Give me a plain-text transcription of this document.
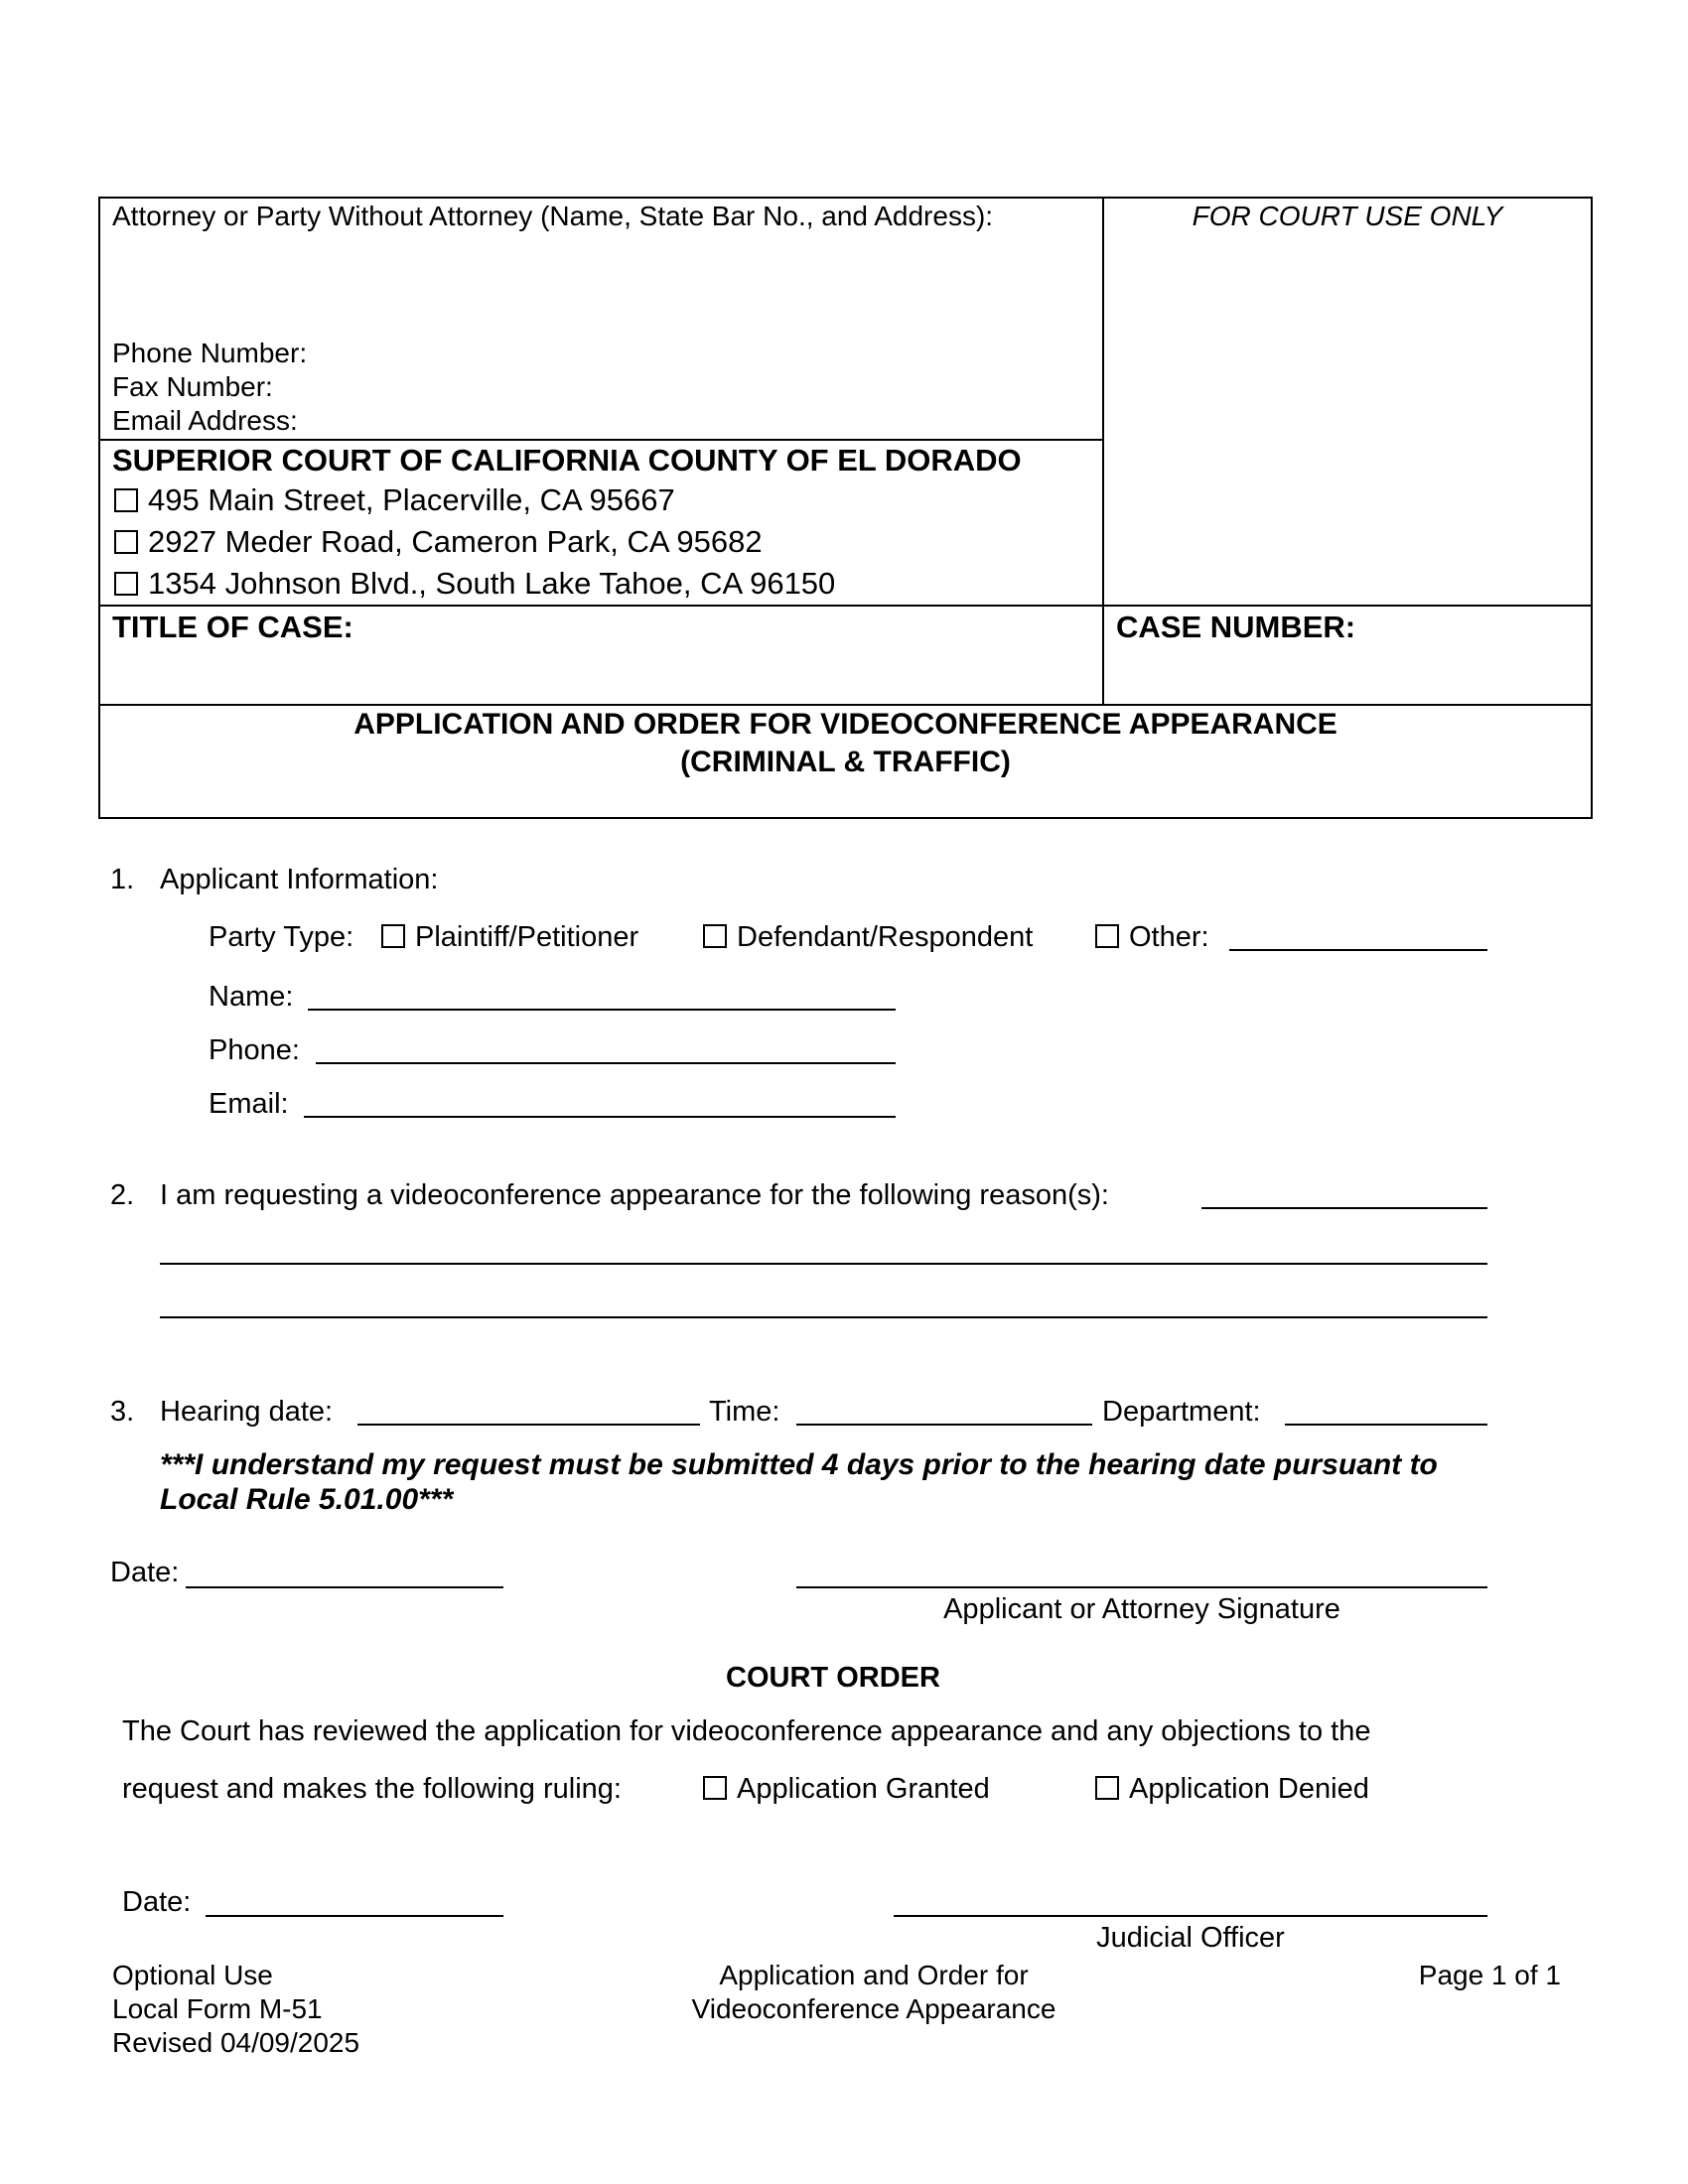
Attorney or Party Without Attorney (Name, State Bar No., and Address):	FOR COURT USE ONLY
Phone Number:
Fax Number:
Email Address:
SUPERIOR COURT OF CALIFORNIA COUNTY OF EL DORADO
495 Main Street, Placerville, CA 95667
2927 Meder Road, Cameron Park, CA 95682
1354 Johnson Blvd., South Lake Tahoe, CA 96150
TITLE OF CASE:	CASE NUMBER:
APPLICATION AND ORDER FOR VIDEOCONFERENCE APPEARANCE
(CRIMINAL & TRAFFIC)
1. Applicant Information:
Party Type:	Plaintiff/Petitioner	Defendant/Respondent	Other:
Name:
Phone:
Email:
2. I am requesting a videoconference appearance for the following reason(s):
3. Hearing date:	Time:	Department:
***I understand my request must be submitted 4 days prior to the hearing date pursuant to
Local Rule 5.01.00***
Date:
Applicant or Attorney Signature
COURT ORDER
The Court has reviewed the application for videoconference appearance and any objections to the
request and makes the following ruling:	Application Granted	Application Denied
Date:
Judicial Officer
Optional Use
Local Form M-51
Revised 04/09/2025
Application and Order for
Videoconference Appearance
Page 1 of 1
